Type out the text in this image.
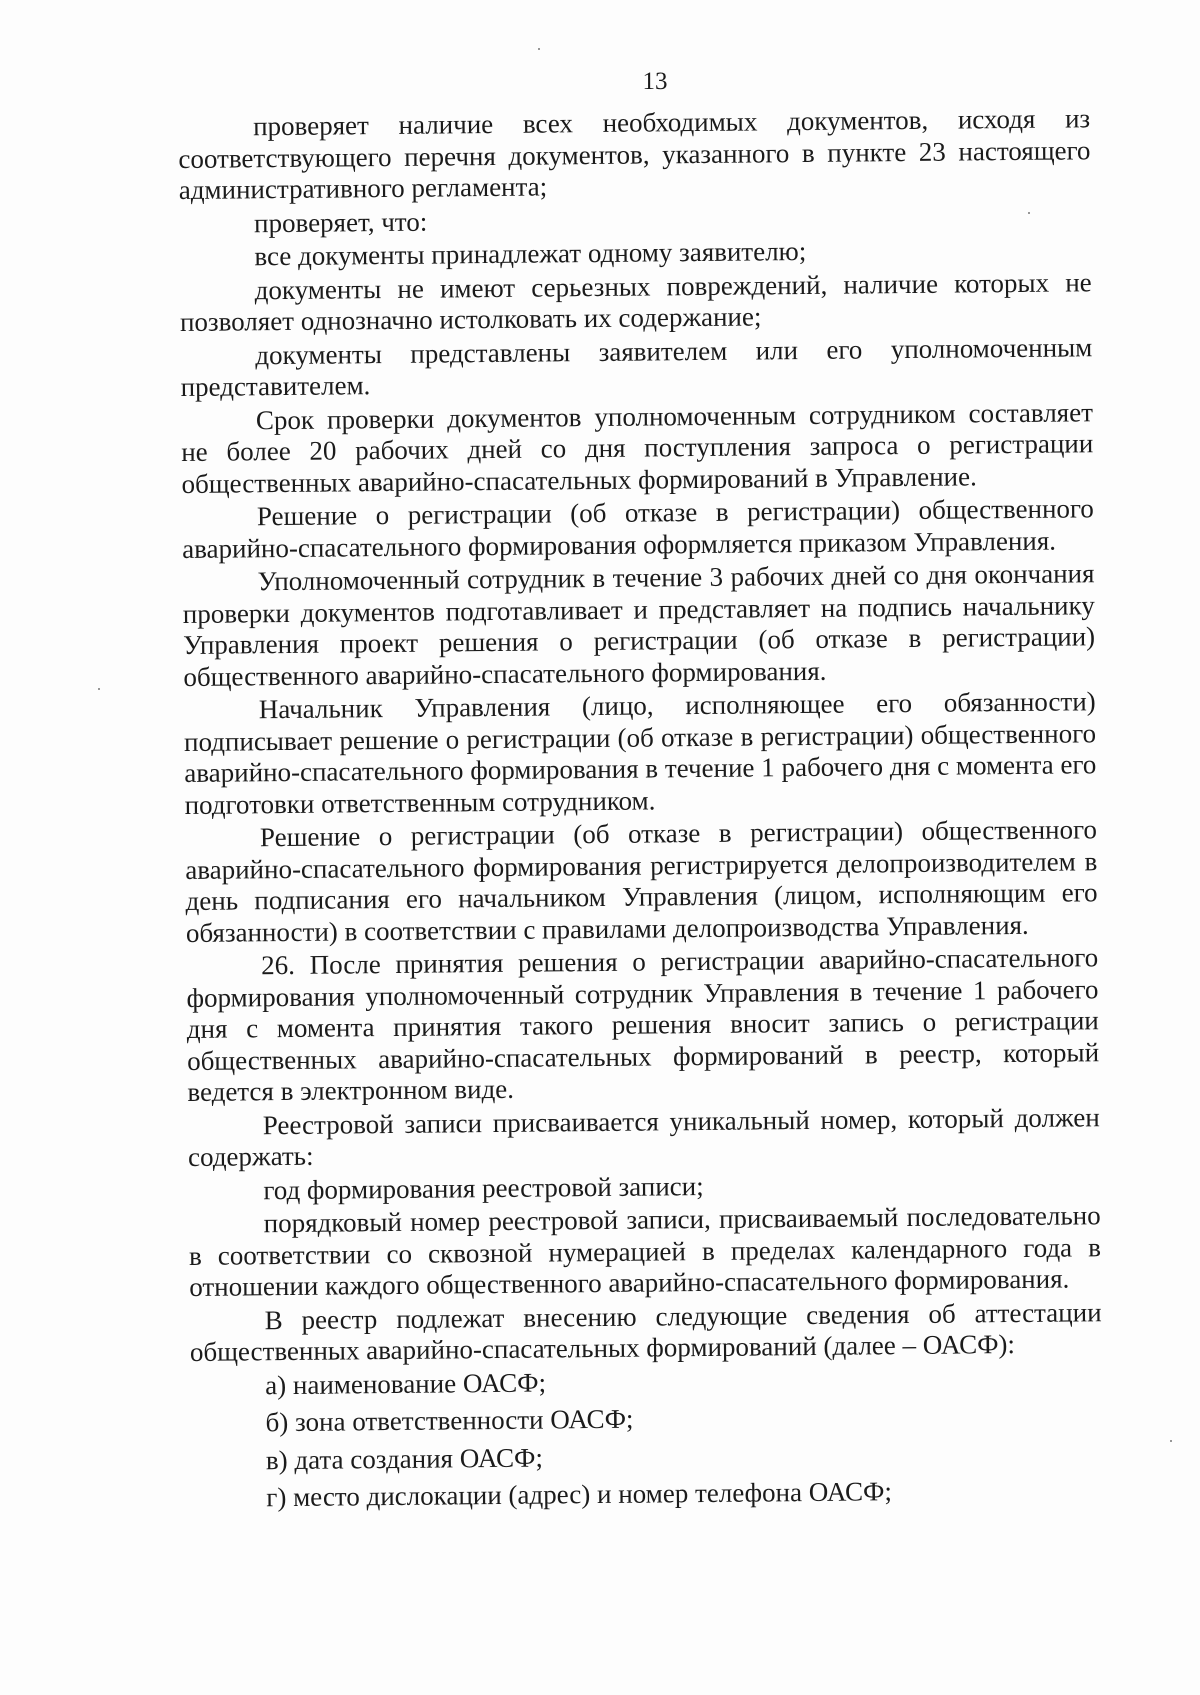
13

проверяет наличие всех необходимых документов, исходя из соответствующего перечня документов, указанного в пункте 23 настоящего административного регламента;

проверяет, что:

все документы принадлежат одному заявителю;

документы не имеют серьезных повреждений, наличие которых не позволяет однозначно истолковать их содержание;

документы представлены заявителем или его уполномоченным представителем.

Срок проверки документов уполномоченным сотрудником составляет не более 20 рабочих дней со дня поступления запроса о регистрации общественных аварийно-спасательных формирований в Управление.

Решение о регистрации (об отказе в регистрации) общественного аварийно-спасательного формирования оформляется приказом Управления.

Уполномоченный сотрудник в течение 3 рабочих дней со дня окончания проверки документов подготавливает и представляет на подпись начальнику Управления проект решения о регистрации (об отказе в регистрации) общественного аварийно-спасательного формирования.

Начальник Управления (лицо, исполняющее его обязанности) подписывает решение о регистрации (об отказе в регистрации) общественного аварийно-спасательного формирования в течение 1 рабочего дня с момента его подготовки ответственным сотрудником.

Решение о регистрации (об отказе в регистрации) общественного аварийно-спасательного формирования регистрируется делопроизводителем в день подписания его начальником Управления (лицом, исполняющим его обязанности) в соответствии с правилами делопроизводства Управления.

26. После принятия решения о регистрации аварийно-спасательного формирования уполномоченный сотрудник Управления в течение 1 рабочего дня с момента принятия такого решения вносит запись о регистрации общественных аварийно-спасательных формирований в реестр, который ведется в электронном виде.

Реестровой записи присваивается уникальный номер, который должен содержать:

год формирования реестровой записи;

порядковый номер реестровой записи, присваиваемый последовательно в соответствии со сквозной нумерацией в пределах календарного года в отношении каждого общественного аварийно-спасательного формирования.

В реестр подлежат внесению следующие сведения об аттестации общественных аварийно-спасательных формирований (далее – ОАСФ):

а) наименование ОАСФ;

б) зона ответственности ОАСФ;

в) дата создания ОАСФ;

г) место дислокации (адрес) и номер телефона ОАСФ;
